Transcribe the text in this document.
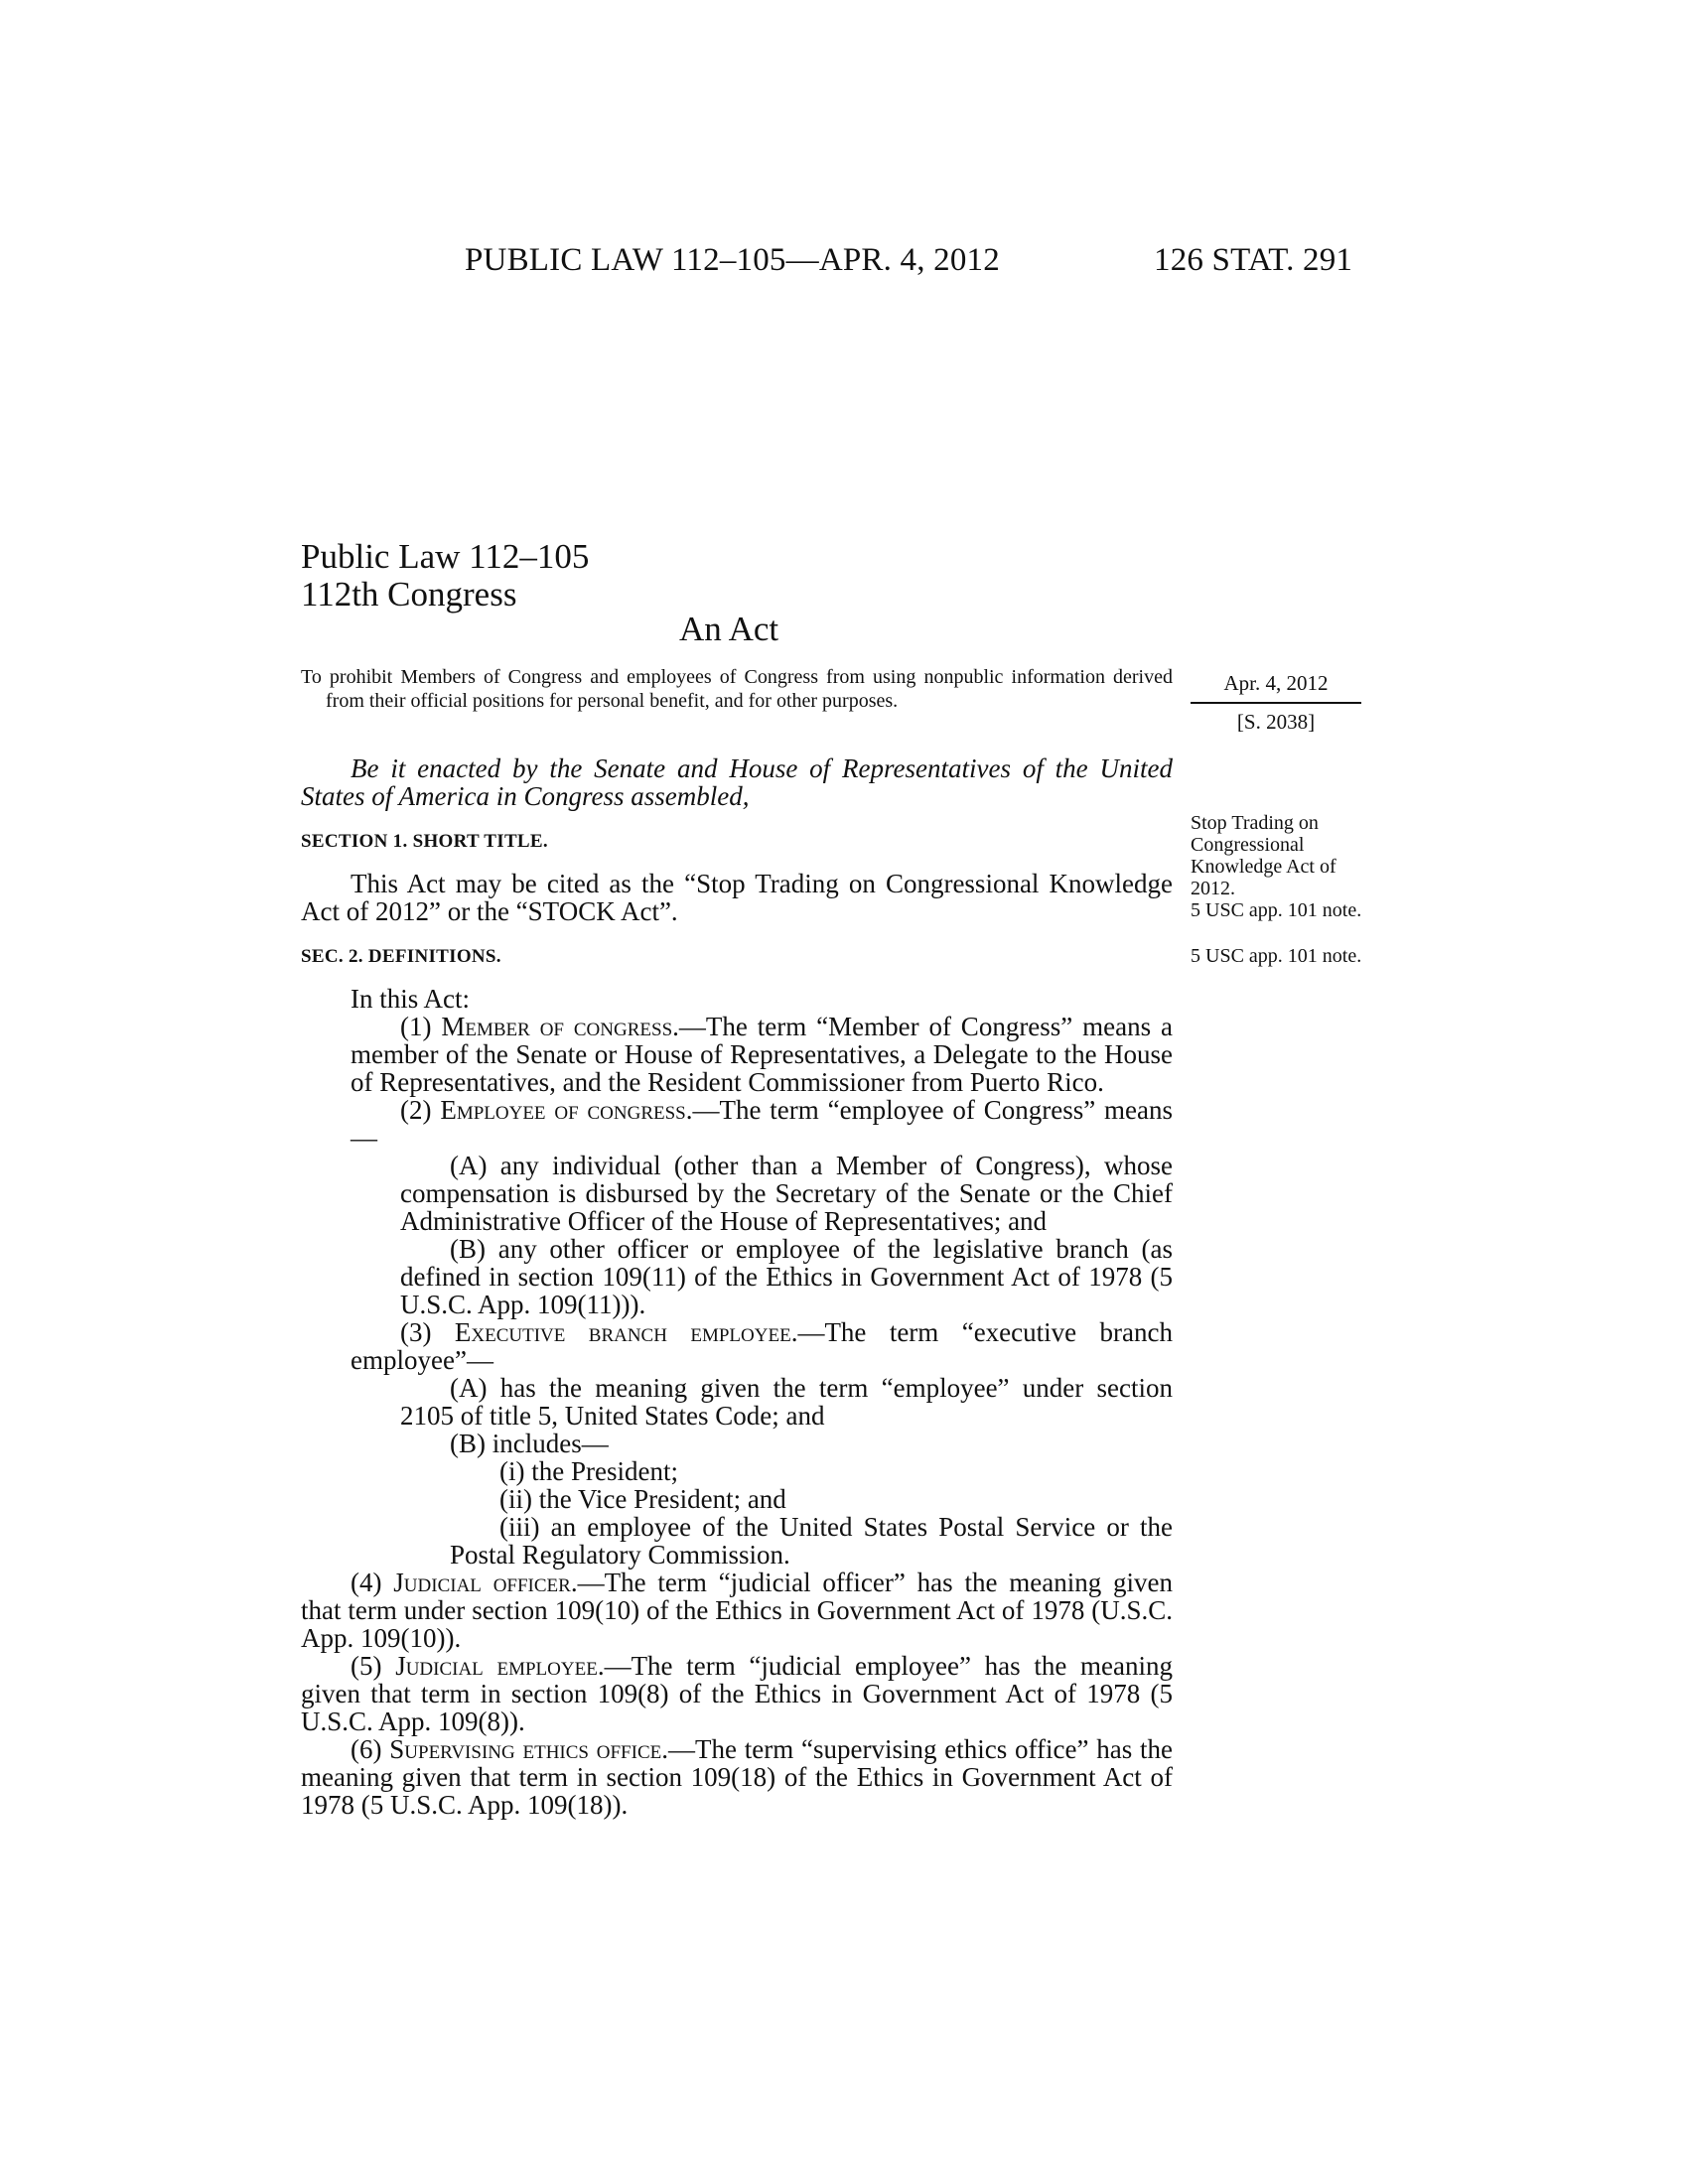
PUBLIC LAW 112–105—APR. 4, 2012	126 STAT. 291
Public Law 112–105
112th Congress
An Act
To prohibit Members of Congress and employees of Congress from using nonpublic information derived from their official positions for personal benefit, and for other purposes.
Apr. 4, 2012
[S. 2038]
Stop Trading on Congressional Knowledge Act of 2012.
5 USC app. 101 note.
5 USC app. 101 note.

Be it enacted by the Senate and House of Representatives of the United States of America in Congress assembled,

SECTION 1. SHORT TITLE.

This Act may be cited as the “Stop Trading on Congressional Knowledge Act of 2012” or the “STOCK Act”.

SEC. 2. DEFINITIONS.

In this Act:

(1) Member of congress.—The term “Member of Congress” means a member of the Senate or House of Representatives, a Delegate to the House of Representatives, and the Resident Commissioner from Puerto Rico.

(2) Employee of congress.—The term “employee of Congress” means—

(A) any individual (other than a Member of Congress), whose compensation is disbursed by the Secretary of the Senate or the Chief Administrative Officer of the House of Representatives; and

(B) any other officer or employee of the legislative branch (as defined in section 109(11) of the Ethics in Government Act of 1978 (5 U.S.C. App. 109(11))).

(3) Executive branch employee.—The term “executive branch employee”—

(A) has the meaning given the term “employee” under section 2105 of title 5, United States Code; and

(B) includes—

(i) the President;

(ii) the Vice President; and

(iii) an employee of the United States Postal Service or the Postal Regulatory Commission.

(4) Judicial officer.—The term “judicial officer” has the meaning given that term under section 109(10) of the Ethics in Government Act of 1978 (U.S.C. App. 109(10)).

(5) Judicial employee.—The term “judicial employee” has the meaning given that term in section 109(8) of the Ethics in Government Act of 1978 (5 U.S.C. App. 109(8)).

(6) Supervising ethics office.—The term “supervising ethics office” has the meaning given that term in section 109(18) of the Ethics in Government Act of 1978 (5 U.S.C. App. 109(18)).
